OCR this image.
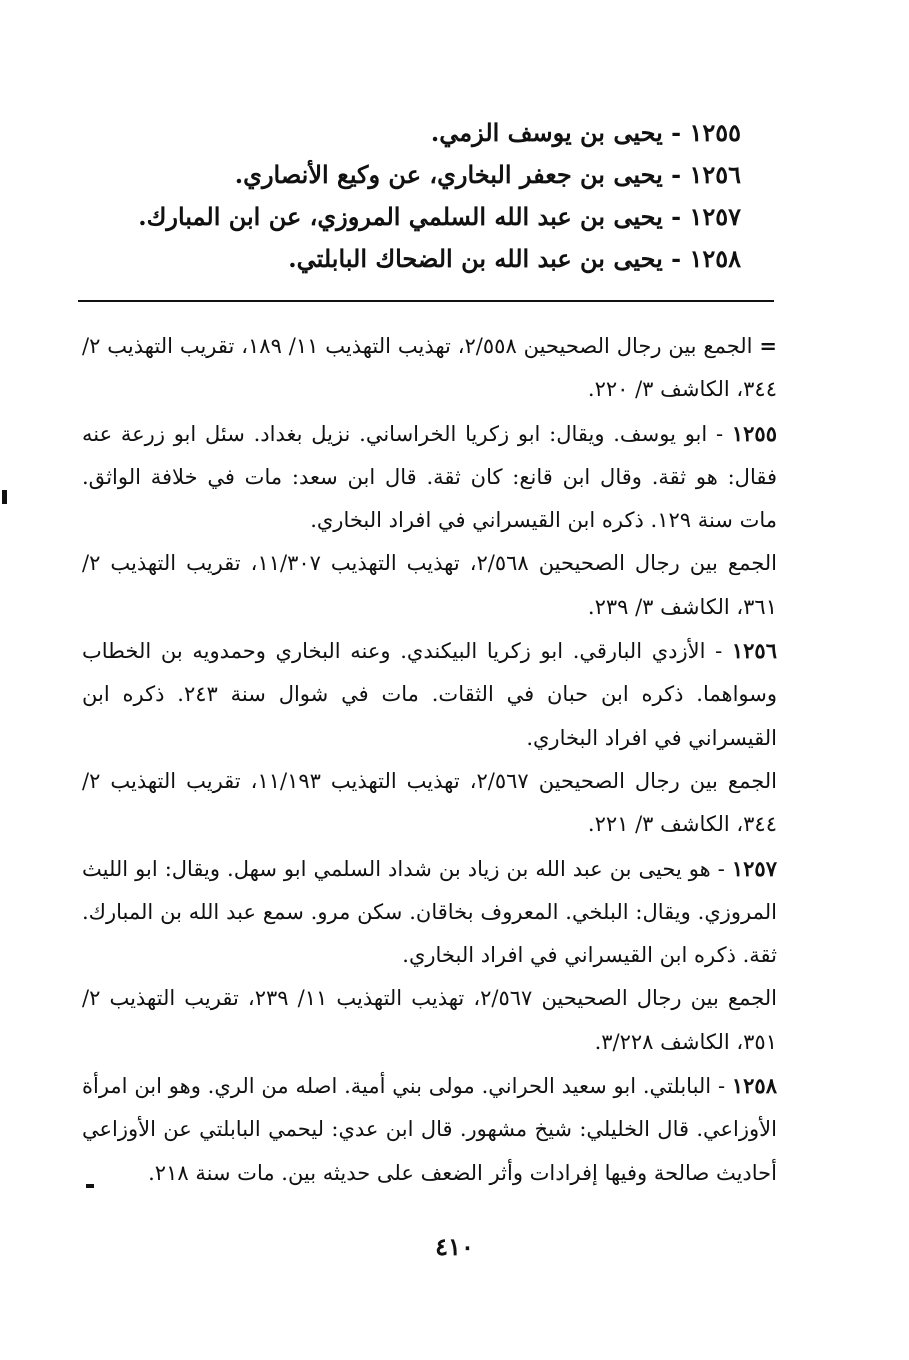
١٢٥٥ - يحيى بن يوسف الزمي.
١٢٥٦ - يحيى بن جعفر البخاري، عن وكيع الأنصاري.
١٢٥٧ - يحيى بن عبد الله السلمي المروزي، عن ابن المبارك.
١٢٥٨ - يحيى بن عبد الله بن الضحاك البابلتي.

= الجمع بين رجال الصحيحين ٢/٥٥٨، تهذيب التهذيب ١١/ ١٨٩، تقريب التهذيب ٢/ ٣٤٤، الكاشف ٣/ ٢٢٠.

١٢٥٥ - ابو يوسف. ويقال: ابو زكريا الخراساني. نزيل بغداد. سئل ابو زرعة عنه فقال: هو ثقة. وقال ابن قانع: كان ثقة. قال ابن سعد: مات في خلافة الواثق. مات سنة ١٢٩. ذكره ابن القيسراني في افراد البخاري.

الجمع بين رجال الصحيحين ٢/٥٦٨، تهذيب التهذيب ١١/٣٠٧، تقريب التهذيب ٢/ ٣٦١، الكاشف ٣/ ٢٣٩.

١٢٥٦ - الأزدي البارقي. ابو زكريا البيكندي. وعنه البخاري وحمدويه بن الخطاب وسواهما. ذكره ابن حبان في الثقات. مات في شوال سنة ٢٤٣. ذكره ابن القيسراني في افراد البخاري.

الجمع بين رجال الصحيحين ٢/٥٦٧، تهذيب التهذيب ١١/١٩٣، تقريب التهذيب ٢/ ٣٤٤، الكاشف ٣/ ٢٢١.

١٢٥٧ - هو يحيى بن عبد الله بن زياد بن شداد السلمي ابو سهل. ويقال: ابو الليث المروزي. ويقال: البلخي. المعروف بخاقان. سكن مرو. سمع عبد الله بن المبارك. ثقة. ذكره ابن القيسراني في افراد البخاري.

الجمع بين رجال الصحيحين ٢/٥٦٧، تهذيب التهذيب ١١/ ٢٣٩، تقريب التهذيب ٢/ ٣٥١، الكاشف ٣/٢٢٨.

١٢٥٨ - البابلتي. ابو سعيد الحراني. مولى بني أمية. اصله من الري. وهو ابن امرأة الأوزاعي. قال الخليلي: شيخ مشهور. قال ابن عدي: ليحمي البابلتي عن الأوزاعي أحاديث صالحة وفيها إفرادات وأثر الضعف على حديثه بين. مات سنة ٢١٨.

٤١٠
